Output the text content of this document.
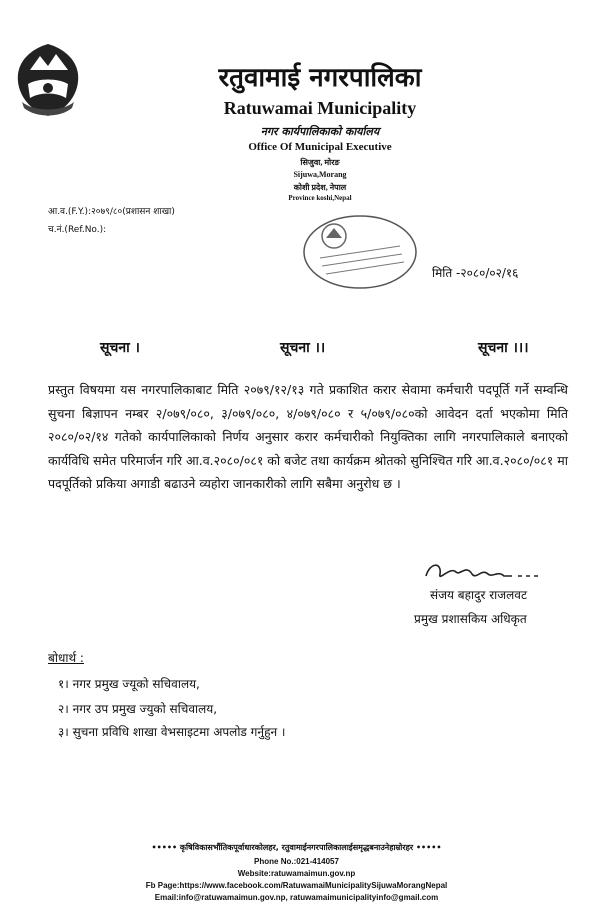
रतुवामाई नगरपालिका
Ratuwamai Municipality
नगर कार्यपालिकाको कार्यालय
Office Of Municipal Executive
सिजुवा, मोरङ
Sijuwa,Morang
कोशी प्रदेश, नेपाल
Province koshi,Nepal
आ.व.(F.Y.):२०७९/८०(प्रशासन शाखा)
च.नं.(Ref.No.):
मिति -२०८०/०२/१६
सूचना ।	सूचना ।।	सूचना ।।।
प्रस्तुत विषयमा यस नगरपालिकाबाट मिति २०७९/१२/१३ गते प्रकाशित करार सेवामा कर्मचारी पदपूर्ति गर्ने सम्वन्धि सुचना बिज्ञापन नम्बर २/०७९/०८०, ३/०७९/०८०, ४/०७९/०८० र ५/०७९/०८०को आवेदन दर्ता भएकोमा मिति २०८०/०२/१४ गतेको कार्यपालिकाको निर्णय अनुसार करार कर्मचारीको नियुक्तिका लागि नगरपालिकाले बनाएको कार्यविधि समेत परिमार्जन गरि आ.व.२०८०/०८१ को बजेट तथा कार्यक्रम श्रोतको सुनिश्चित गरि आ.व.२०८०/०८१ मा पदपूर्तिको प्रकिया अगाडी बढाउने व्यहोरा जानकारीको लागि सबैमा अनुरोध छ ।
संजय बहादुर राजलवट
प्रमुख प्रशासकिय अधिकृत
बोधार्थ :
१। नगर प्रमुख ज्यूको सचिवालय,
२। नगर उप प्रमुख ज्युको सचिवालय,
३। सुचना प्रविधि शाखा वेभसाइटमा अपलोड गर्नुहुन ।
••••• कृषिविकासर्भौतिकपूर्वाधारकोलहर, रतुवामाईनगरपालिकालाईसमृद्धबनाउनेहाम्रोरहर •••••
Phone No.:021-414057
Website:ratuwamaimun.gov.np
Fb Page:https://www.facebook.com/RatuwamaiMunicipalitySijuwaMorangNepal
Email:info@ratuwamaimun.gov.np, ratuwamaimunicipalityinfo@gmail.com
